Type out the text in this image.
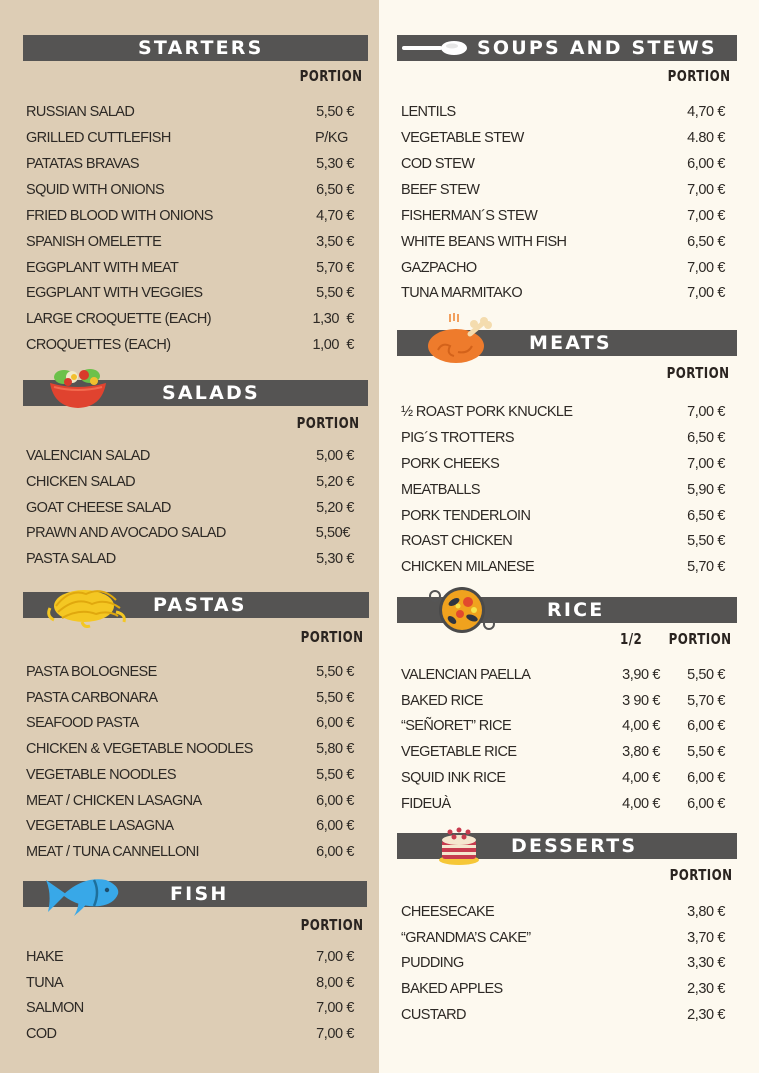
STARTERS
PORTION
RUSSIAN SALAD	5,50 €
GRILLED CUTTLEFISH	P/KG
PATATAS BRAVAS	5,30 €
SQUID WITH ONIONS	6,50 €
FRIED BLOOD WITH ONIONS	4,70 €
SPANISH OMELETTE	3,50 €
EGGPLANT WITH MEAT	5,70 €
EGGPLANT WITH VEGGIES	5,50 €
LARGE CROQUETTE (EACH)	1,30  €
CROQUETTES (EACH)	1,00  €
SALADS
PORTION
VALENCIAN SALAD	5,00 €
CHICKEN SALAD	5,20 €
GOAT CHEESE SALAD	5,20 €
PRAWN AND AVOCADO SALAD	5,50€
PASTA SALAD	5,30 €
PASTAS
PORTION
PASTA BOLOGNESE	5,50 €
PASTA CARBONARA	5,50 €
SEAFOOD PASTA	6,00 €
CHICKEN & VEGETABLE NOODLES	5,80 €
VEGETABLE NOODLES	5,50 €
MEAT / CHICKEN LASAGNA	6,00 €
VEGETABLE LASAGNA	6,00 €
MEAT / TUNA CANNELLONI	6,00 €
FISH
PORTION
HAKE	7,00 €
TUNA	8,00 €
SALMON	7,00 €
COD	7,00 €
SOUPS AND STEWS
PORTION
LENTILS	4,70 €
VEGETABLE STEW	4.80 €
COD STEW	6,00 €
BEEF STEW	7,00 €
FISHERMAN´S STEW	7,00 €
WHITE BEANS WITH FISH	6,50 €
GAZPACHO	7,00 €
TUNA MARMITAKO	7,00 €
MEATS
PORTION
½ ROAST PORK KNUCKLE	7,00 €
PIG´S TROTTERS	6,50 €
PORK CHEEKS	7,00 €
MEATBALLS	5,90 €
PORK TENDERLOIN	6,50 €
ROAST CHICKEN	5,50 €
CHICKEN MILANESE	5,70 €
RICE
1/2 PORTION
VALENCIAN PAELLA	3,90 € 5,50 €
BAKED RICE	3 90 € 5,70 €
“SEÑORET” RICE	4,00 € 6,00 €
VEGETABLE RICE	3,80 € 5,50 €
SQUID INK RICE	4,00 € 6,00 €
FIDEUÀ	4,00 € 6,00 €
DESSERTS
PORTION
CHEESECAKE	3,80 €
“GRANDMA’S CAKE”	3,70 €
PUDDING	3,30 €
BAKED APPLES	2,30 €
CUSTARD	2,30 €
